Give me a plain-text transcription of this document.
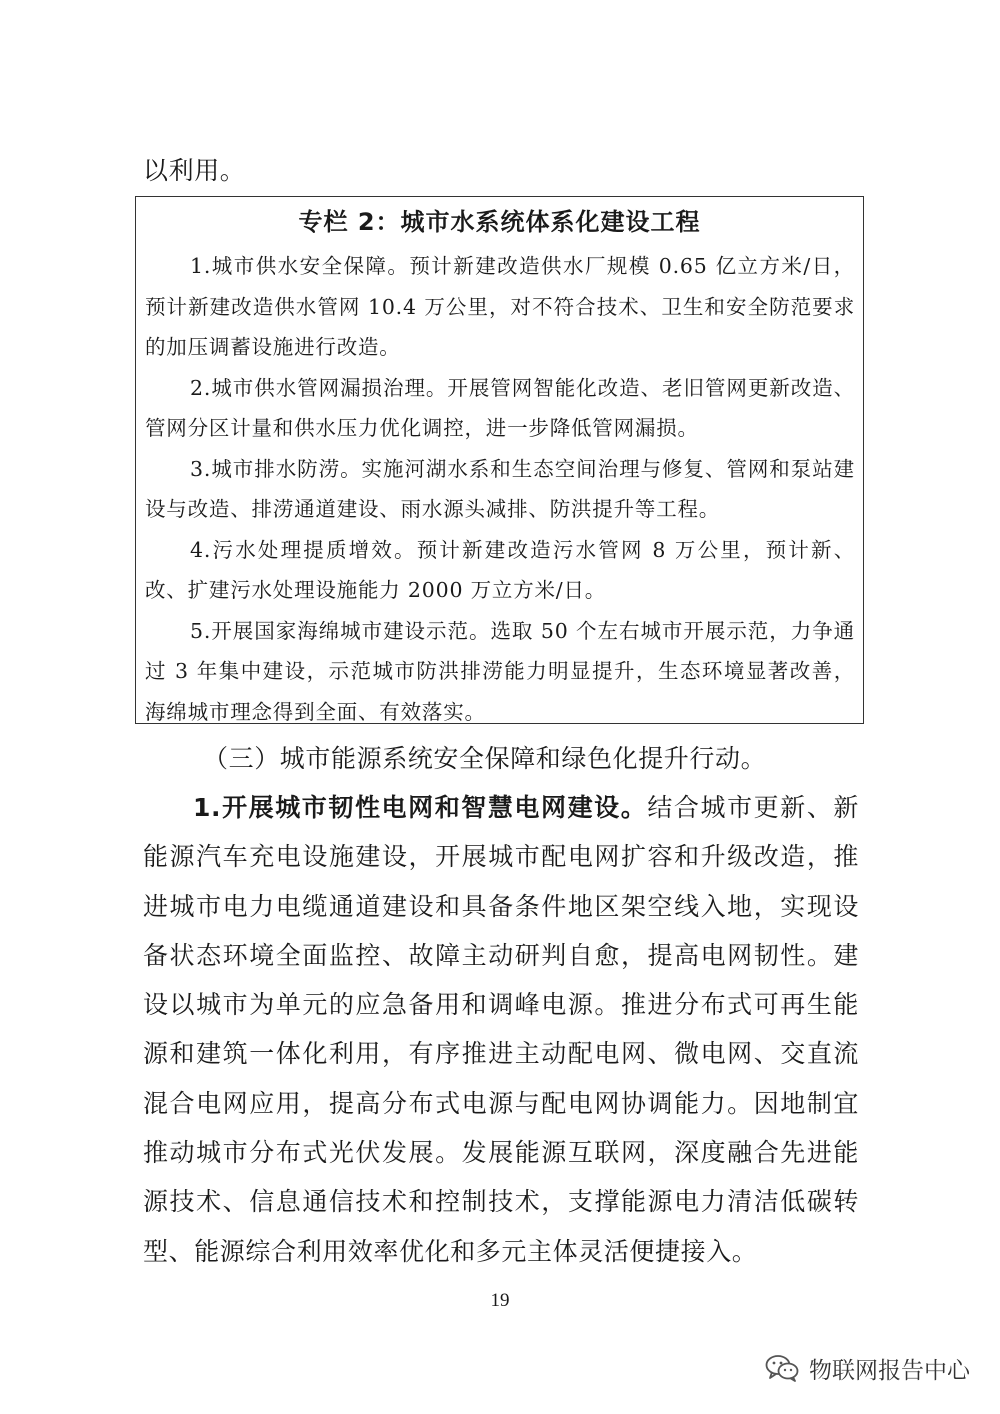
以利用。

专栏 2：城市水系统体系化建设工程

1.城市供水安全保障。预计新建改造供水厂规模 0.65 亿立方米/日，预计新建改造供水管网 10.4 万公里，对不符合技术、卫生和安全防范要求的加压调蓄设施进行改造。

2.城市供水管网漏损治理。开展管网智能化改造、老旧管网更新改造、管网分区计量和供水压力优化调控，进一步降低管网漏损。

3.城市排水防涝。实施河湖水系和生态空间治理与修复、管网和泵站建设与改造、排涝通道建设、雨水源头减排、防洪提升等工程。

4.污水处理提质增效。预计新建改造污水管网 8 万公里，预计新、改、扩建污水处理设施能力 2000 万立方米/日。

5.开展国家海绵城市建设示范。选取 50 个左右城市开展示范，力争通过 3 年集中建设，示范城市防洪排涝能力明显提升，生态环境显著改善，海绵城市理念得到全面、有效落实。

（三）城市能源系统安全保障和绿色化提升行动。

1.开展城市韧性电网和智慧电网建设。结合城市更新、新能源汽车充电设施建设，开展城市配电网扩容和升级改造，推进城市电力电缆通道建设和具备条件地区架空线入地，实现设备状态环境全面监控、故障主动研判自愈，提高电网韧性。建设以城市为单元的应急备用和调峰电源。推进分布式可再生能源和建筑一体化利用，有序推进主动配电网、微电网、交直流混合电网应用，提高分布式电源与配电网协调能力。因地制宜推动城市分布式光伏发展。发展能源互联网，深度融合先进能源技术、信息通信技术和控制技术，支撑能源电力清洁低碳转型、能源综合利用效率优化和多元主体灵活便捷接入。

19
物联网报告中心
